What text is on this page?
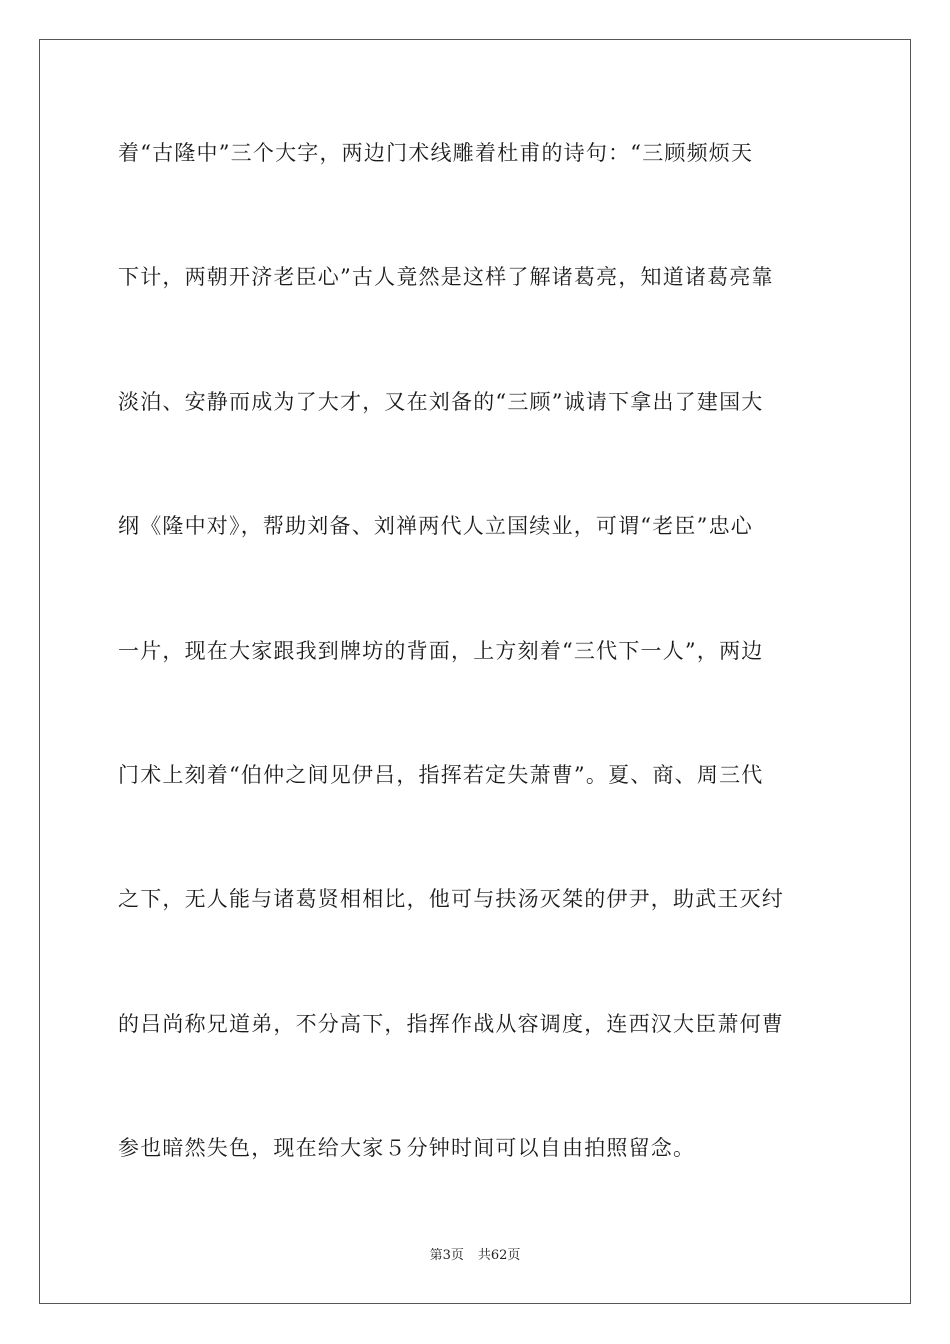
着“古隆中”三个大字，两边门术线雕着杜甫的诗句：“三顾频烦天
下计，两朝开济老臣心”古人竟然是这样了解诸葛亮，知道诸葛亮靠
淡泊、安静而成为了大才，又在刘备的“三顾”诚请下拿出了建国大
纲《隆中对》，帮助刘备、刘禅两代人立国续业，可谓“老臣”忠心
一片，现在大家跟我到牌坊的背面，上方刻着“三代下一人”，两边
门术上刻着“伯仲之间见伊吕，指挥若定失萧曹”。夏、商、周三代
之下，无人能与诸葛贤相相比，他可与扶汤灭桀的伊尹，助武王灭纣
的吕尚称兄道弟，不分高下，指挥作战从容调度，连西汉大臣萧何曹
参也暗然失色，现在给大家５分钟时间可以自由拍照留念。
第3页 共62页
